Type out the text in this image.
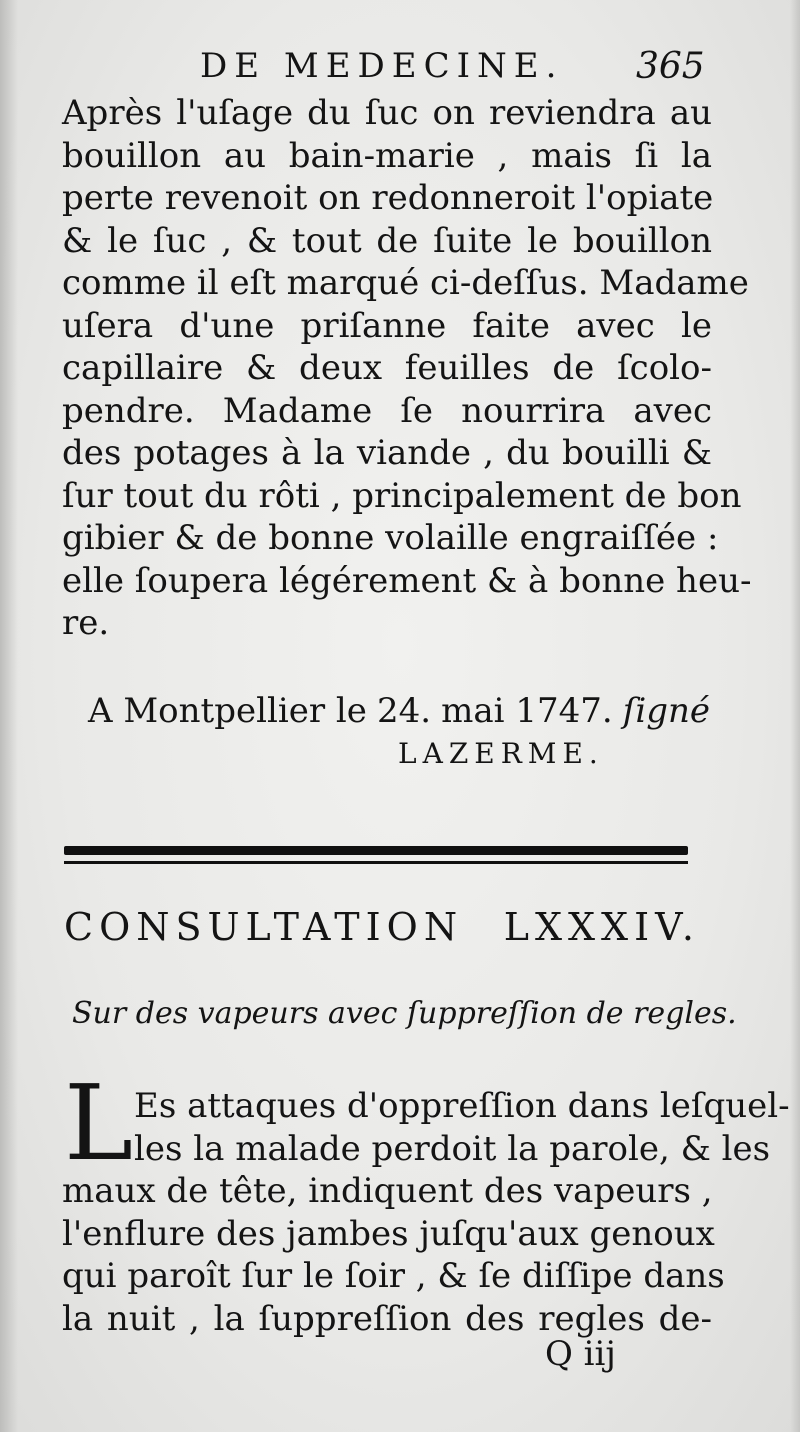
DE MEDECINE. 365
Après l'uſage du ſuc on reviendra au
bouillon au bain-marie , mais ſi la
perte revenoit on redonneroit l'opiate
& le ſuc , & tout de ſuite le bouillon
comme il eſt marqué ci-deſſus. Madame
uſera d'une priſanne faite avec le
capillaire & deux feuilles de ſcolo-
pendre. Madame ſe nourrira avec
des potages à la viande , du bouilli &
ſur tout du rôti , principalement de bon
gibier & de bonne volaille engraiſſée :
elle ſoupera légérement & à bonne heu-
re.
A Montpellier le 24. mai 1747. ſigné
LAZERME.
CONSULTATION LXXXIV.
Sur des vapeurs avec ſuppreſſion de regles.
L Es attaques d'oppreſſion dans leſquel-
les la malade perdoit la parole, & les
maux de tête, indiquent des vapeurs ,
l'enflure des jambes juſqu'aux genoux
qui paroît ſur le ſoir , & ſe diſſipe dans
la nuit , la ſuppreſſion des regles de-
Q iij
